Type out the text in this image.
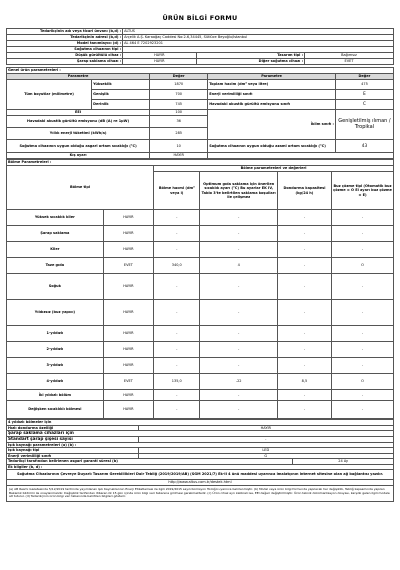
ÜRÜN BİLGİ FORMU
Tedarikçinin adı veya ticari ünvanı (b,d) :	ALTUS		
Tedarikçinin adresi (b,d) :	Arçelik A.Ş. Karaağaç Caddesi No:2-6,34445, Sütlüce Beyoğlu/İstanbul		
Model tanımlayıcı (d) :	AL 464 E 7202923201		
Soğutma cihazının tipi :			
Düşük gürültülü cihaz :	HAYIR	Tasarım tipi :	Bağımsız
Şarap saklama cihazı :	HAYIR	Diğer soğutma cihazı :	EVET
Genel ürün parametreleri :				
Parametre		Değer	Parametre	Değer
Tüm boyutlar (milimetre)	Yükseklik	1870	Toplam hacim (dm³ veya litre)	475
	Genişlik	700	Enerji verimliliği sınıfı	E
	Derinlik	745	Havadaki akustik gürültü emisyonu sınıfı	C
EEI		100	İklim sınıfı :	Genişletilmiş ılıman / Tropikal
Havadaki akustik gürültü emisyonu (dB (A) re 1pW)		36		
Yıllık enerji tüketimi (kWh/a)		285		
Soğutma cihazının uygun olduğu asgari ortam sıcaklığı (°C)		10	Soğutma cihazının uygun olduğu azami ortam sıcaklığı (°C)	43
Kış ayarı		HAYIR		
Bölme Parametreleri :					
Bölme tipi		Bölme parametreleri ve değerleri			
		Bölme hacmi (dm³ veya l)	Optimum gıda saklama için önerilen sıcaklık ayarı (°C) Bu ayarlar EK IV, Tablo 3'te belirtilen saklama koşulları ile çelişmez	Dondurma kapasitesi (kg/24 h)	Buz çözme tipi (Otomatik buz çözme = O El ayarı buz çözme = E)
Yüksek sıcaklık kiler	HAYIR	-	-	-	-
Şarap saklama	HAYIR	-	-	-	-
Kiler	HAYIR	-	-	-	-
Taze gıda	EVET	340,0	4	-	O
Soğuk	HAYIR	-	-	-	-
Yıldızsız (buz yapıcı)	HAYIR	-	-	-	-
1-yıldızlı	HAYIR	-	-	-	-
2-yıldızlı	HAYIR	-	-	-	-
3-yıldızlı	HAYIR	-	-	-	-
4-yıldızlı	EVET	135,0	-22	8,5	O
İki yıldızlı bölüm	HAYIR	-	-	-	-
Değişken sıcaklıklı bölmesi	HAYIR	-	-	-	-
4 yıldızlı bölmeler için		
Hızlı dondurma özelliği	HAYIR	
Şarap saklama cihazları için		
Standart şarap şişesi sayısı	-	
Işık kaynağı parametreleri (a) (b) :		
Işık kaynağı tipi	LED	
Enerji verimliliği sınıfı	G	
Tedarikçi tarafından belirlenen asgari garanti süresi (b)		24 Ay
Ek bilgiler (b, d) :		
Soğutma Cihazlarının Çevreye Duyarlı Tasarım Gereklilikleri Dair Tebliğ (2019/2019/AB) (SGM 2021/7) Ek-II 4 ünü maddesi uyarınca imalatçının internet sitesine olan ağ bağlantısı yazılır.		
http://www.altus.com.tr/destek.html		
(a) AB Resmi Gazetesinde 5/12/2019 tarihinde yayımlanan Işık Kaynaklarının Enerji Etiketlemesi ile ilgili 2019/2015 sayılı Komisyon Tüzüğü uyarınca belirlenmiştir. (b) Model veya ürün bilgi formunda yapılacak her değişiklik, Tebliğ kapsamında yapılan Bakanlık bildirimi ile onaylanmalıdır. Değişiklik tarihinden itibaren ilk 15 gün içinde ürün bilgi veri tabanına girilmesi gerekmektedir. (c) Ürün cihaz ayrı kalibreli ise, EEI değeri değiştirilmiştir. Ürün teknik dokümantasyon dosyası, karşılık gelen ilgili modele ait tutulur. (d) Tedarikçinin ürün bilgi veri tabanında belirtilen bilgileri gösterir.		
